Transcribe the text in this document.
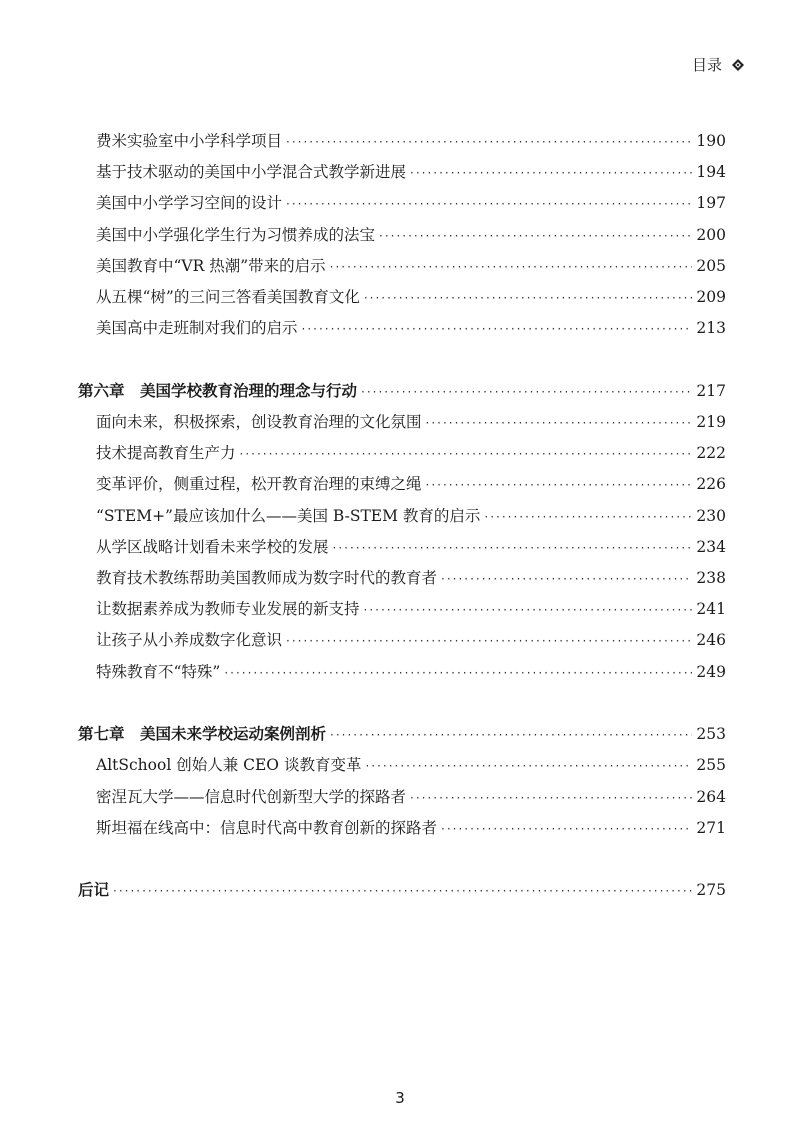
目录
费米实验室中小学科学项目 ·····	190
基于技术驱动的美国中小学混合式教学新进展 ·····	194
美国中小学学习空间的设计 ·····	197
美国中小学强化学生行为习惯养成的法宝 ·····	200
美国教育中“VR 热潮”带来的启示 ·····	205
从五棵“树”的三问三答看美国教育文化 ·····	209
美国高中走班制对我们的启示 ·····	213
第六章　美国学校教育治理的理念与行动 ·····	217
面向未来，积极探索，创设教育治理的文化氛围 ·····	219
技术提高教育生产力 ·····	222
变革评价，侧重过程，松开教育治理的束缚之绳 ·····	226
“STEM+”最应该加什么——美国 B-STEM 教育的启示 ·····	230
从学区战略计划看未来学校的发展 ·····	234
教育技术教练帮助美国教师成为数字时代的教育者 ·····	238
让数据素养成为教师专业发展的新支持 ·····	241
让孩子从小养成数字化意识 ·····	246
特殊教育不“特殊” ·····	249
第七章　美国未来学校运动案例剖析 ·····	253
AltSchool 创始人兼 CEO 谈教育变革 ·····	255
密涅瓦大学——信息时代创新型大学的探路者 ·····	264
斯坦福在线高中：信息时代高中教育创新的探路者 ·····	271
后记 ·····	275
3
